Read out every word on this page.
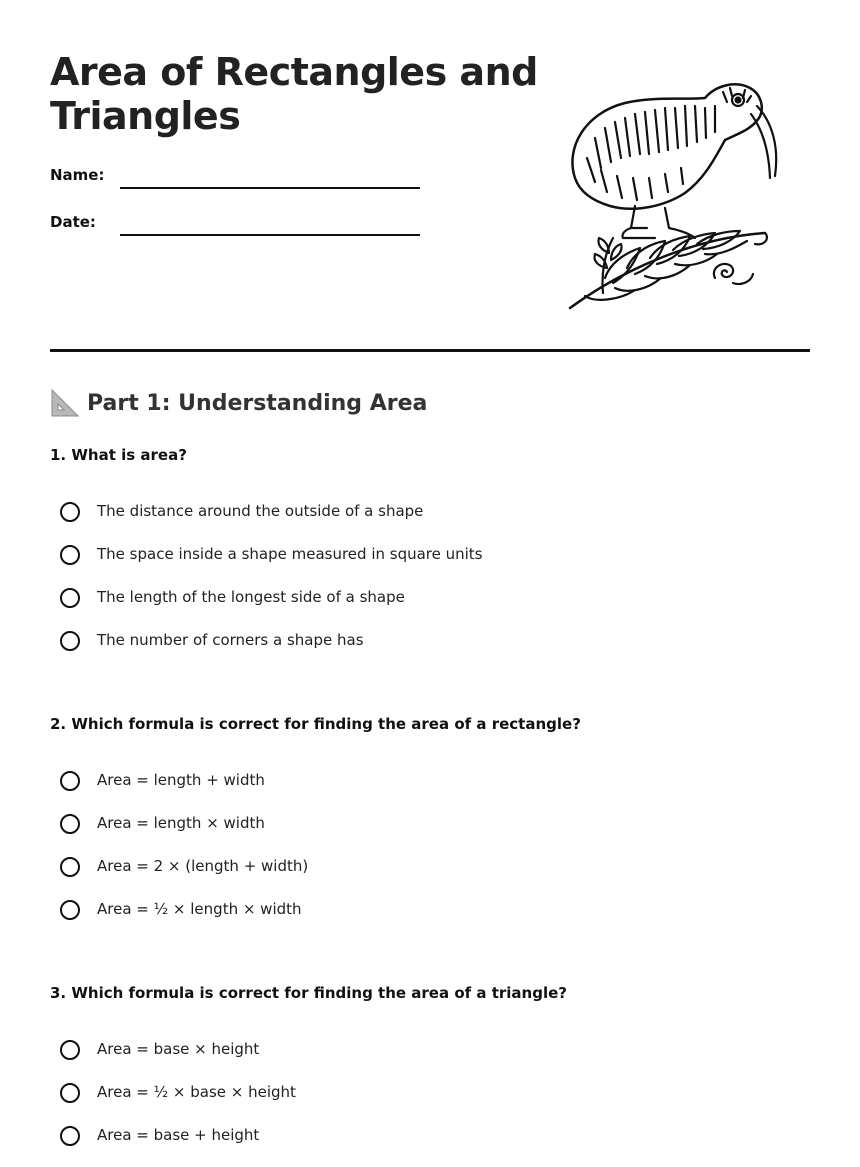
Area of Rectangles and Triangles
Name:
Date:
Part 1: Understanding Area
1. What is area?
The distance around the outside of a shape
The space inside a shape measured in square units
The length of the longest side of a shape
The number of corners a shape has
2. Which formula is correct for finding the area of a rectangle?
Area = length + width
Area = length × width
Area = 2 × (length + width)
Area = ½ × length × width
3. Which formula is correct for finding the area of a triangle?
Area = base × height
Area = ½ × base × height
Area = base + height
